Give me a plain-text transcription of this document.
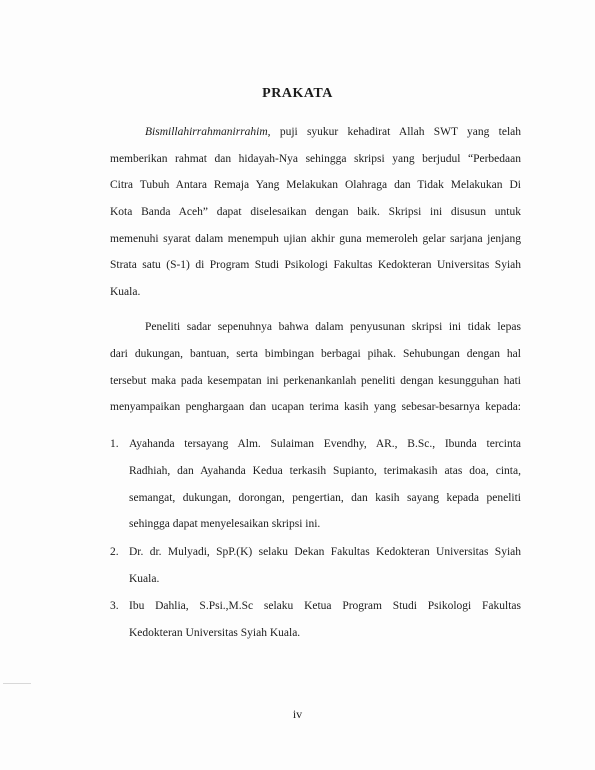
PRAKATA
Bismillahirrahmanirrahim, puji syukur kehadirat Allah SWT yang telah
memberikan rahmat dan hidayah-Nya sehingga skripsi yang berjudul “Perbedaan
Citra Tubuh Antara Remaja Yang Melakukan Olahraga dan Tidak Melakukan Di
Kota Banda Aceh” dapat diselesaikan dengan baik. Skripsi ini disusun untuk
memenuhi syarat dalam menempuh ujian akhir guna memeroleh gelar sarjana jenjang
Strata satu (S-1) di Program Studi Psikologi Fakultas Kedokteran Universitas Syiah
Kuala.
Peneliti sadar sepenuhnya bahwa dalam penyusunan skripsi ini tidak lepas
dari dukungan, bantuan, serta bimbingan berbagai pihak. Sehubungan dengan hal
tersebut maka pada kesempatan ini perkenankanlah peneliti dengan kesungguhan hati
menyampaikan penghargaan dan ucapan terima kasih yang sebesar-besarnya kepada:
1. Ayahanda tersayang Alm. Sulaiman Evendhy, AR., B.Sc., Ibunda tercinta
Radhiah, dan Ayahanda Kedua terkasih Supianto, terimakasih atas doa, cinta,
semangat, dukungan, dorongan, pengertian, dan kasih sayang kepada peneliti
sehingga dapat menyelesaikan skripsi ini.
2. Dr. dr. Mulyadi, SpP.(K) selaku Dekan Fakultas Kedokteran Universitas Syiah
Kuala.
3. Ibu Dahlia, S.Psi.,M.Sc selaku Ketua Program Studi Psikologi Fakultas
Kedokteran Universitas Syiah Kuala.
iv
